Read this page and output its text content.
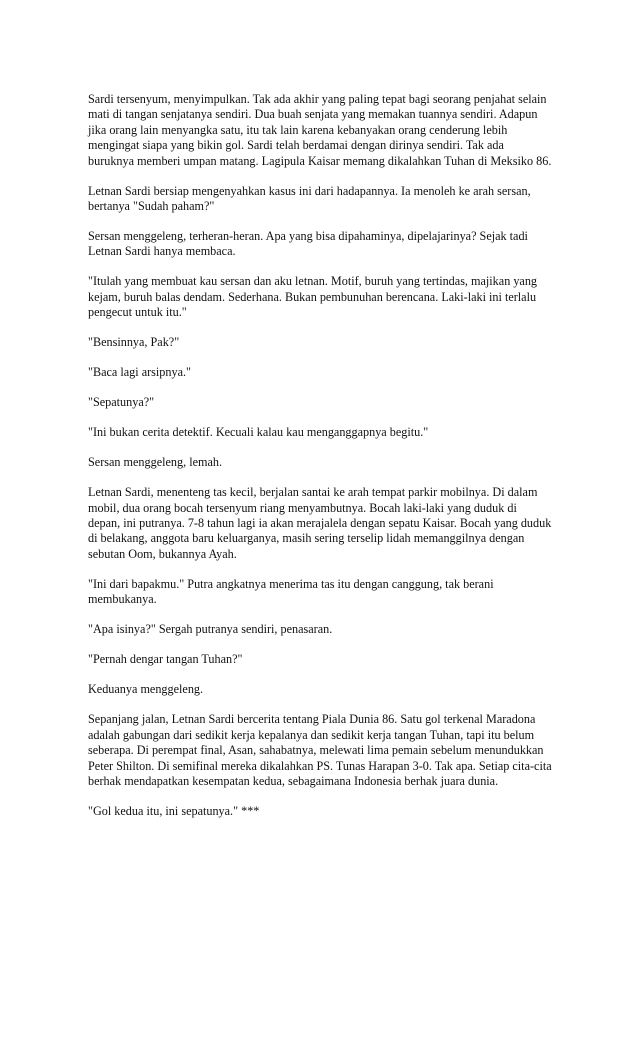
Sardi tersenyum, menyimpulkan. Tak ada akhir yang paling tepat bagi seorang penjahat selain mati di tangan senjatanya sendiri. Dua buah senjata yang memakan tuannya sendiri. Adapun jika orang lain menyangka satu, itu tak lain karena kebanyakan orang cenderung lebih mengingat siapa yang bikin gol. Sardi telah berdamai dengan dirinya sendiri. Tak ada buruknya memberi umpan matang. Lagipula Kaisar memang dikalahkan Tuhan di Meksiko 86.

Letnan Sardi bersiap mengenyahkan kasus ini dari hadapannya. Ia menoleh ke arah sersan, bertanya "Sudah paham?"

Sersan menggeleng, terheran-heran. Apa yang bisa dipahaminya, dipelajarinya? Sejak tadi Letnan Sardi hanya membaca.

"Itulah yang membuat kau sersan dan aku letnan. Motif, buruh yang tertindas, majikan yang kejam, buruh balas dendam. Sederhana. Bukan pembunuhan berencana. Laki-laki ini terlalu pengecut untuk itu."

"Bensinnya, Pak?"

"Baca lagi arsipnya."

"Sepatunya?"

"Ini bukan cerita detektif. Kecuali kalau kau menganggapnya begitu."

Sersan menggeleng, lemah.

Letnan Sardi, menenteng tas kecil, berjalan santai ke arah tempat parkir mobilnya. Di dalam mobil, dua orang bocah tersenyum riang menyambutnya. Bocah laki-laki yang duduk di depan, ini putranya. 7-8 tahun lagi ia akan merajalela dengan sepatu Kaisar. Bocah yang duduk di belakang, anggota baru keluarganya, masih sering terselip lidah memanggilnya dengan sebutan Oom, bukannya Ayah.

"Ini dari bapakmu." Putra angkatnya menerima tas itu dengan canggung, tak berani membukanya.

"Apa isinya?" Sergah putranya sendiri, penasaran.

"Pernah dengar tangan Tuhan?"

Keduanya menggeleng.

Sepanjang jalan, Letnan Sardi bercerita tentang Piala Dunia 86. Satu gol terkenal Maradona adalah gabungan dari sedikit kerja kepalanya dan sedikit kerja tangan Tuhan, tapi itu belum seberapa. Di perempat final, Asan, sahabatnya, melewati lima pemain sebelum menundukkan Peter Shilton. Di semifinal mereka dikalahkan PS. Tunas Harapan 3-0. Tak apa. Setiap cita-cita berhak mendapatkan kesempatan kedua, sebagaimana Indonesia berhak juara dunia.

"Gol kedua itu, ini sepatunya." ***
